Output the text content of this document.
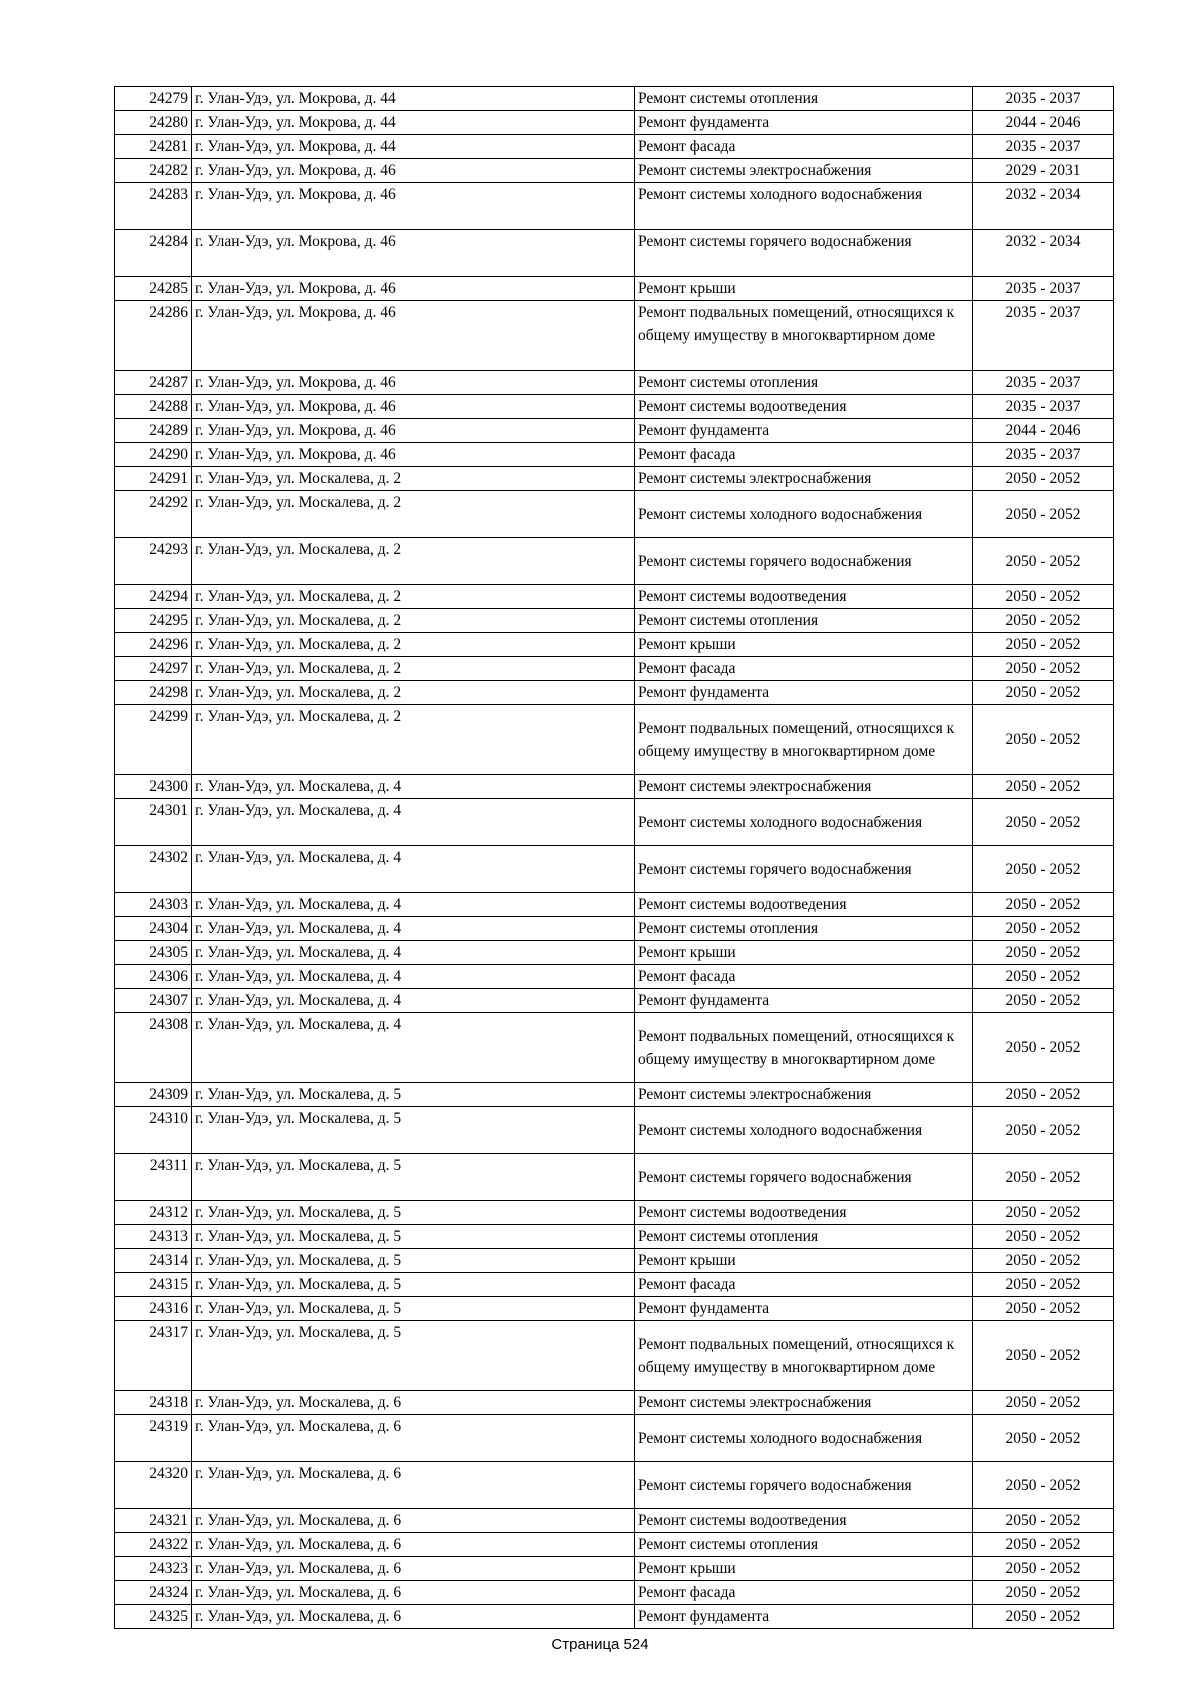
24279	г. Улан-Удэ, ул. Мокрова, д. 44	Ремонт системы отопления	2035 - 2037
24280	г. Улан-Удэ, ул. Мокрова, д. 44	Ремонт фундамента	2044 - 2046
24281	г. Улан-Удэ, ул. Мокрова, д. 44	Ремонт фасада	2035 - 2037
24282	г. Улан-Удэ, ул. Мокрова, д. 46	Ремонт системы электроснабжения	2029 - 2031
24283	г. Улан-Удэ, ул. Мокрова, д. 46	Ремонт системы холодного водоснабжения	2032 - 2034
24284	г. Улан-Удэ, ул. Мокрова, д. 46	Ремонт системы горячего водоснабжения	2032 - 2034
24285	г. Улан-Удэ, ул. Мокрова, д. 46	Ремонт крыши	2035 - 2037
24286	г. Улан-Удэ, ул. Мокрова, д. 46	Ремонт подвальных помещений, относящихся к общему имуществу в многоквартирном доме	2035 - 2037
24287	г. Улан-Удэ, ул. Мокрова, д. 46	Ремонт системы отопления	2035 - 2037
24288	г. Улан-Удэ, ул. Мокрова, д. 46	Ремонт системы водоотведения	2035 - 2037
24289	г. Улан-Удэ, ул. Мокрова, д. 46	Ремонт фундамента	2044 - 2046
24290	г. Улан-Удэ, ул. Мокрова, д. 46	Ремонт фасада	2035 - 2037
24291	г. Улан-Удэ, ул. Москалева, д. 2	Ремонт системы электроснабжения	2050 - 2052
24292	г. Улан-Удэ, ул. Москалева, д. 2	Ремонт системы холодного водоснабжения	2050 - 2052
24293	г. Улан-Удэ, ул. Москалева, д. 2	Ремонт системы горячего водоснабжения	2050 - 2052
24294	г. Улан-Удэ, ул. Москалева, д. 2	Ремонт системы водоотведения	2050 - 2052
24295	г. Улан-Удэ, ул. Москалева, д. 2	Ремонт системы отопления	2050 - 2052
24296	г. Улан-Удэ, ул. Москалева, д. 2	Ремонт крыши	2050 - 2052
24297	г. Улан-Удэ, ул. Москалева, д. 2	Ремонт фасада	2050 - 2052
24298	г. Улан-Удэ, ул. Москалева, д. 2	Ремонт фундамента	2050 - 2052
24299	г. Улан-Удэ, ул. Москалева, д. 2	Ремонт подвальных помещений, относящихся к общему имуществу в многоквартирном доме	2050 - 2052
24300	г. Улан-Удэ, ул. Москалева, д. 4	Ремонт системы электроснабжения	2050 - 2052
24301	г. Улан-Удэ, ул. Москалева, д. 4	Ремонт системы холодного водоснабжения	2050 - 2052
24302	г. Улан-Удэ, ул. Москалева, д. 4	Ремонт системы горячего водоснабжения	2050 - 2052
24303	г. Улан-Удэ, ул. Москалева, д. 4	Ремонт системы водоотведения	2050 - 2052
24304	г. Улан-Удэ, ул. Москалева, д. 4	Ремонт системы отопления	2050 - 2052
24305	г. Улан-Удэ, ул. Москалева, д. 4	Ремонт крыши	2050 - 2052
24306	г. Улан-Удэ, ул. Москалева, д. 4	Ремонт фасада	2050 - 2052
24307	г. Улан-Удэ, ул. Москалева, д. 4	Ремонт фундамента	2050 - 2052
24308	г. Улан-Удэ, ул. Москалева, д. 4	Ремонт подвальных помещений, относящихся к общему имуществу в многоквартирном доме	2050 - 2052
24309	г. Улан-Удэ, ул. Москалева, д. 5	Ремонт системы электроснабжения	2050 - 2052
24310	г. Улан-Удэ, ул. Москалева, д. 5	Ремонт системы холодного водоснабжения	2050 - 2052
24311	г. Улан-Удэ, ул. Москалева, д. 5	Ремонт системы горячего водоснабжения	2050 - 2052
24312	г. Улан-Удэ, ул. Москалева, д. 5	Ремонт системы водоотведения	2050 - 2052
24313	г. Улан-Удэ, ул. Москалева, д. 5	Ремонт системы отопления	2050 - 2052
24314	г. Улан-Удэ, ул. Москалева, д. 5	Ремонт крыши	2050 - 2052
24315	г. Улан-Удэ, ул. Москалева, д. 5	Ремонт фасада	2050 - 2052
24316	г. Улан-Удэ, ул. Москалева, д. 5	Ремонт фундамента	2050 - 2052
24317	г. Улан-Удэ, ул. Москалева, д. 5	Ремонт подвальных помещений, относящихся к общему имуществу в многоквартирном доме	2050 - 2052
24318	г. Улан-Удэ, ул. Москалева, д. 6	Ремонт системы электроснабжения	2050 - 2052
24319	г. Улан-Удэ, ул. Москалева, д. 6	Ремонт системы холодного водоснабжения	2050 - 2052
24320	г. Улан-Удэ, ул. Москалева, д. 6	Ремонт системы горячего водоснабжения	2050 - 2052
24321	г. Улан-Удэ, ул. Москалева, д. 6	Ремонт системы водоотведения	2050 - 2052
24322	г. Улан-Удэ, ул. Москалева, д. 6	Ремонт системы отопления	2050 - 2052
24323	г. Улан-Удэ, ул. Москалева, д. 6	Ремонт крыши	2050 - 2052
24324	г. Улан-Удэ, ул. Москалева, д. 6	Ремонт фасада	2050 - 2052
24325	г. Улан-Удэ, ул. Москалева, д. 6	Ремонт фундамента	2050 - 2052
Страница 524
